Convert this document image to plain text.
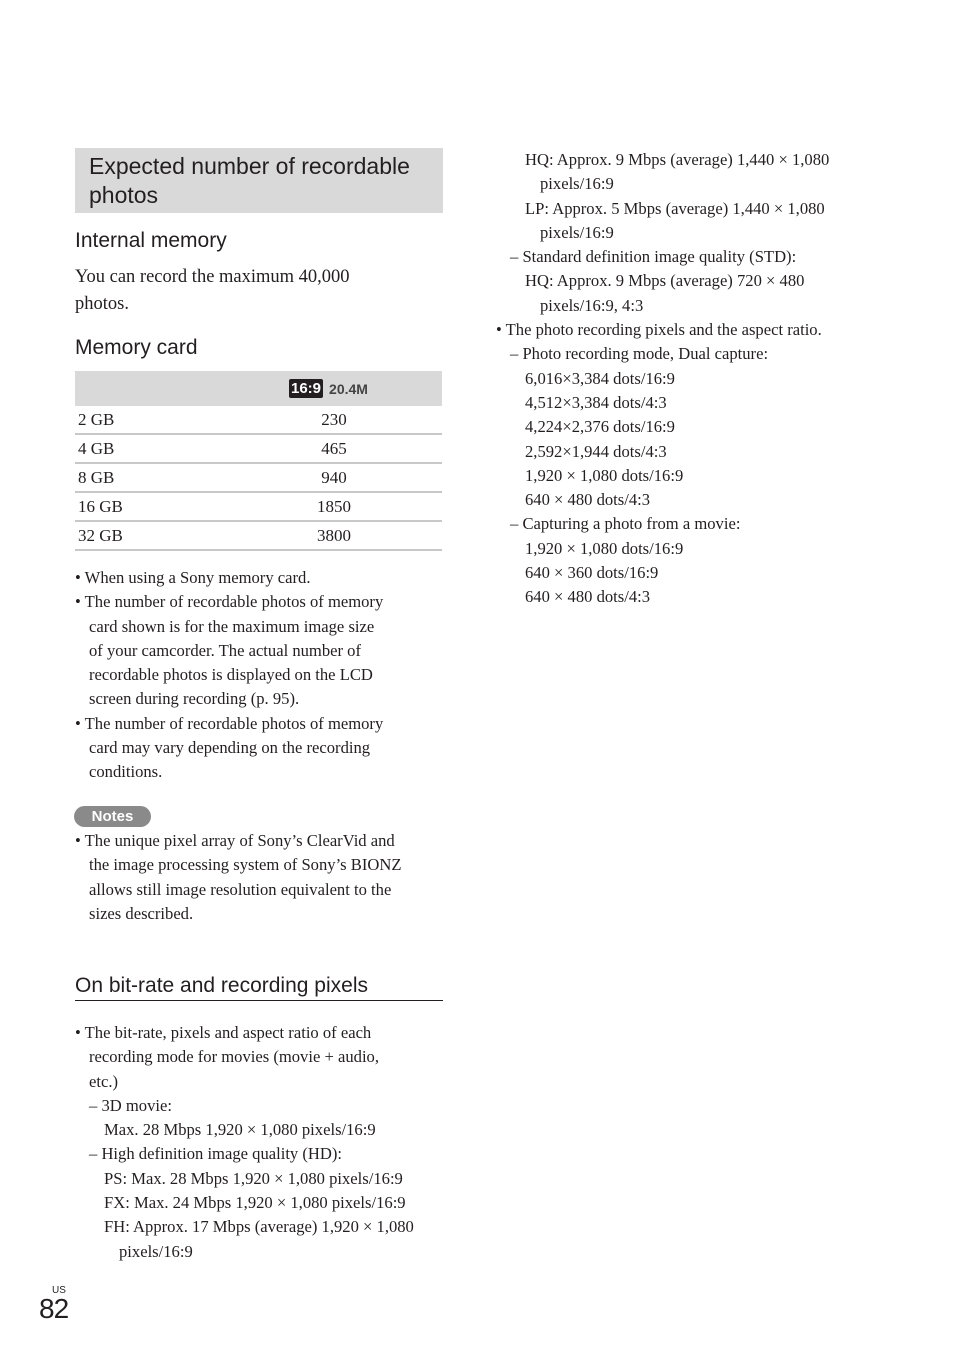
Expected number of recordable
photos
Internal memory
You can record the maximum 40,000
photos.
Memory card
16:9 20.4M	
2 GB	230
4 GB	465
8 GB	940
16 GB	1850
32 GB	3800
• When using a Sony memory card.
• The number of recordable photos of memory
card shown is for the maximum image size
of your camcorder. The actual number of
recordable photos is displayed on the LCD
screen during recording (p. 95).
• The number of recordable photos of memory
card may vary depending on the recording
conditions.
Notes
• The unique pixel array of Sony’s ClearVid and
the image processing system of Sony’s BIONZ
allows still image resolution equivalent to the
sizes described.
On bit-rate and recording pixels
• The bit-rate, pixels and aspect ratio of each
recording mode for movies (movie + audio,
etc.)
– 3D movie:
Max. 28 Mbps 1,920 × 1,080 pixels/16:9
– High definition image quality (HD):
PS: Max. 28 Mbps 1,920 × 1,080 pixels/16:9
FX: Max. 24 Mbps 1,920 × 1,080 pixels/16:9
FH: Approx. 17 Mbps (average) 1,920 × 1,080
pixels/16:9
HQ: Approx. 9 Mbps (average) 1,440 × 1,080
pixels/16:9
LP: Approx. 5 Mbps (average) 1,440 × 1,080
pixels/16:9
– Standard definition image quality (STD):
HQ: Approx. 9 Mbps (average) 720 × 480
pixels/16:9, 4:3
• The photo recording pixels and the aspect ratio.
– Photo recording mode, Dual capture:
6,016×3,384 dots/16:9
4,512×3,384 dots/4:3
4,224×2,376 dots/16:9
2,592×1,944 dots/4:3
1,920 × 1,080 dots/16:9
640 × 480 dots/4:3
– Capturing a photo from a movie:
1,920 × 1,080 dots/16:9
640 × 360 dots/16:9
640 × 480 dots/4:3
US
82
